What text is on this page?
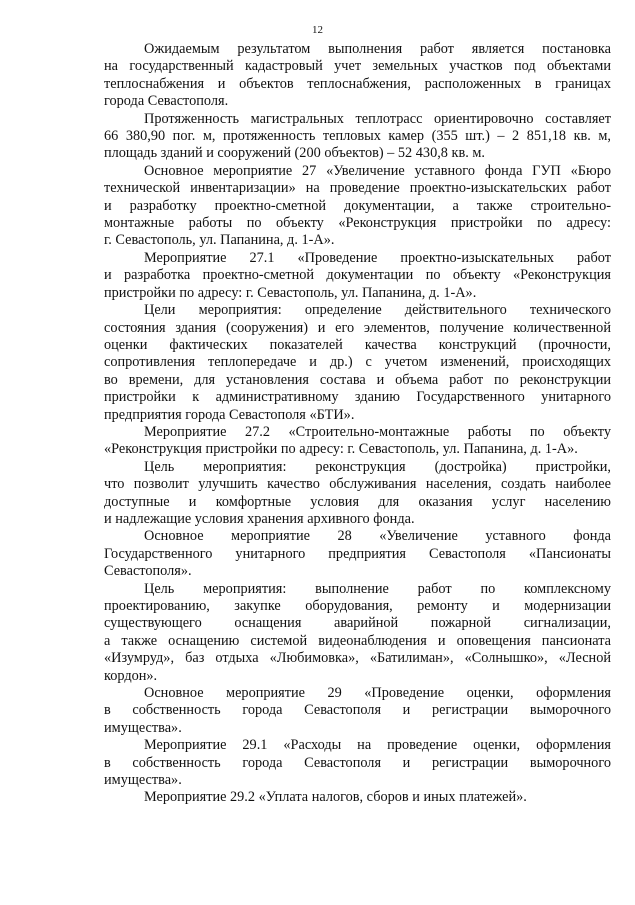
12

Ожидаемым результатом выполнения работ является постановка
на государственный кадастровый учет земельных участков под объектами
теплоснабжения и объектов теплоснабжения, расположенных в границах
города Севастополя.

Протяженность магистральных теплотрасс ориентировочно составляет
66 380,90 пог. м, протяженность тепловых камер (355 шт.) – 2 851,18 кв. м,
площадь зданий и сооружений (200 объектов) – 52 430,8 кв. м.

Основное мероприятие 27 «Увеличение уставного фонда ГУП «Бюро
технической инвентаризации» на проведение проектно-изыскательских работ
и разработку проектно-сметной документации, а также строительно-
монтажные работы по объекту «Реконструкция пристройки по адресу:
г. Севастополь, ул. Папанина, д. 1-А».

Мероприятие 27.1 «Проведение проектно-изыскательных работ
и разработка проектно-сметной документации по объекту «Реконструкция
пристройки по адресу: г. Севастополь, ул. Папанина, д. 1-А».

Цели мероприятия: определение действительного технического
состояния здания (сооружения) и его элементов, получение количественной
оценки фактических показателей качества конструкций (прочности,
сопротивления теплопередаче и др.) с учетом изменений, происходящих
во времени, для установления состава и объема работ по реконструкции
пристройки к административному зданию Государственного унитарного
предприятия города Севастополя «БТИ».

Мероприятие 27.2 «Строительно-монтажные работы по объекту
«Реконструкция пристройки по адресу: г. Севастополь, ул. Папанина, д. 1-А».

Цель мероприятия: реконструкция (достройка) пристройки,
что позволит улучшить качество обслуживания населения, создать наиболее
доступные и комфортные условия для оказания услуг населению
и надлежащие условия хранения архивного фонда.

Основное мероприятие 28 «Увеличение уставного фонда
Государственного унитарного предприятия Севастополя «Пансионаты
Севастополя».

Цель мероприятия: выполнение работ по комплексному
проектированию, закупке оборудования, ремонту и модернизации
существующего оснащения аварийной пожарной сигнализации,
а также оснащению системой видеонаблюдения и оповещения пансионата
«Изумруд», баз отдыха «Любимовка», «Батилиман», «Солнышко», «Лесной
кордон».

Основное мероприятие 29 «Проведение оценки, оформления
в собственность города Севастополя и регистрации выморочного
имущества».

Мероприятие 29.1 «Расходы на проведение оценки, оформления
в собственность города Севастополя и регистрации выморочного
имущества».

Мероприятие 29.2 «Уплата налогов, сборов и иных платежей».
